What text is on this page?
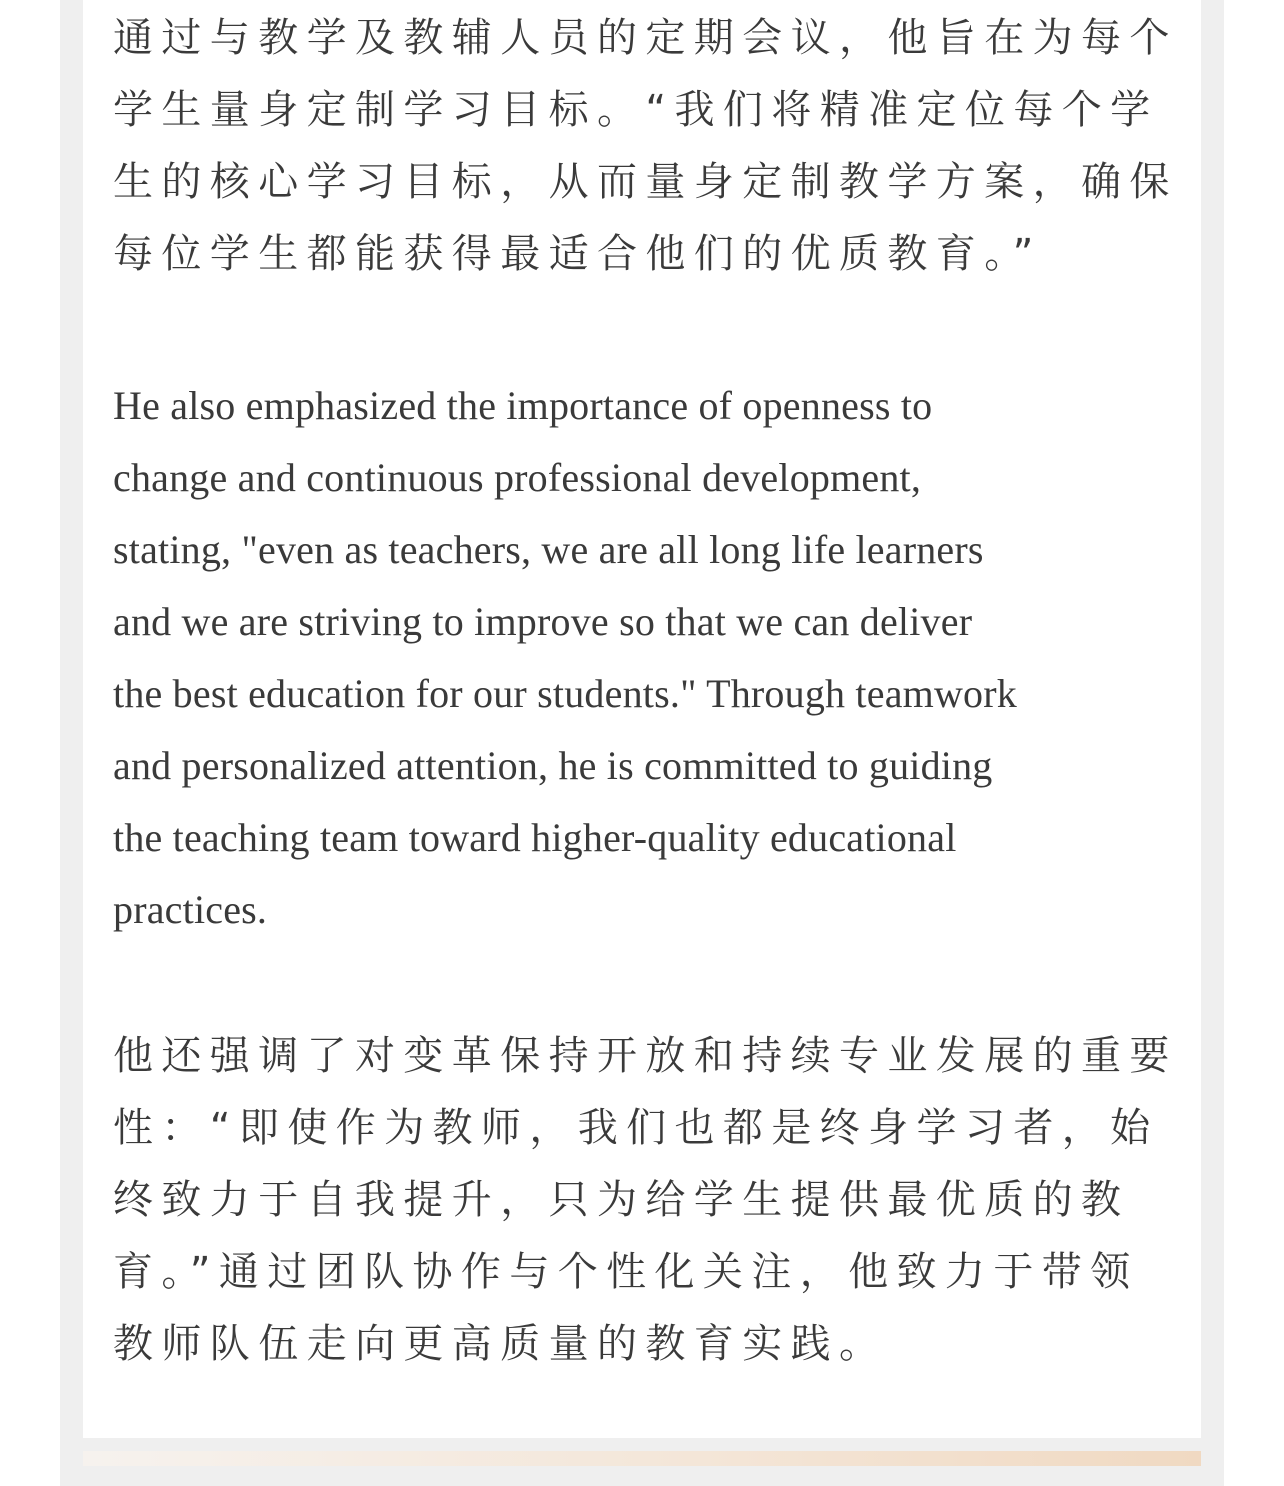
通过与教学及教辅人员的定期会议，他旨在为每个
学生量身定制学习目标。“我们将精准定位每个学
生的核心学习目标，从而量身定制教学方案，确保
每位学生都能获得最适合他们的优质教育。”
He also emphasized the importance of openness to
change and continuous professional development,
stating, "even as teachers, we are all long life learners
and we are striving to improve so that we can deliver
the best education for our students." Through teamwork
and personalized attention, he is committed to guiding
the teaching team toward higher-quality educational
practices.
他还强调了对变革保持开放和持续专业发展的重要
性：“即使作为教师，我们也都是终身学习者，始
终致力于自我提升，只为给学生提供最优质的教
育。”通过团队协作与个性化关注，他致力于带领
教师队伍走向更高质量的教育实践。
